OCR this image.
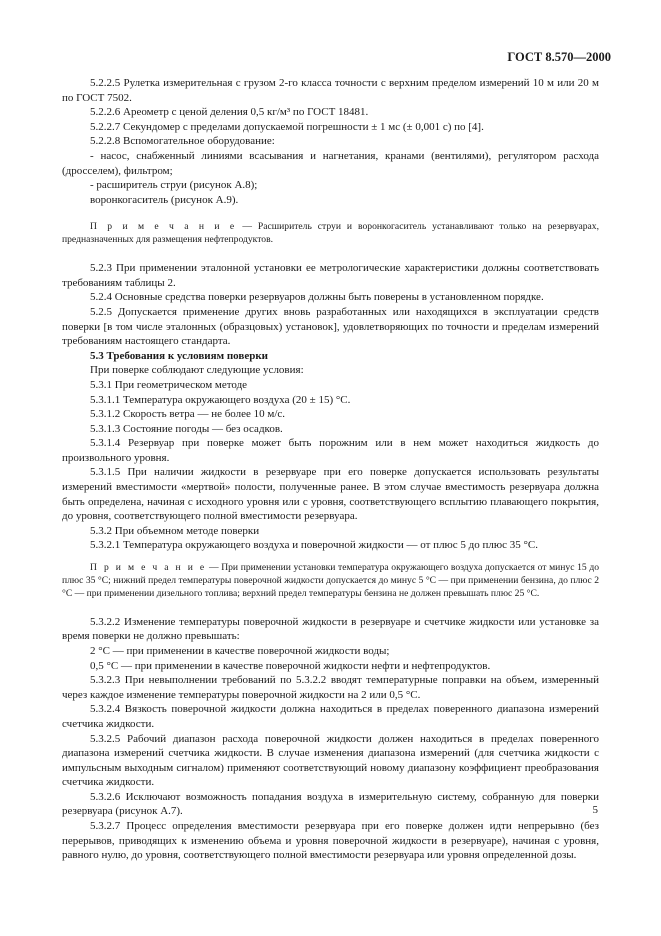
ГОСТ 8.570—2000

5.2.2.5 Рулетка измерительная с грузом 2-го класса точности с верхним пределом измерений 10 м или 20 м по ГОСТ 7502.

5.2.2.6 Ареометр с ценой деления 0,5 кг/м³ по ГОСТ 18481.

5.2.2.7 Секундомер с пределами допускаемой погрешности ± 1 мс (± 0,001 с) по [4].

5.2.2.8 Вспомогательное оборудование:

- насос, снабженный линиями всасывания и нагнетания, кранами (вентилями), регулятором расхода (дросселем), фильтром;

- расширитель струи (рисунок А.8);

воронкогаситель (рисунок А.9).

П р и м е ч а н и е — Расширитель струи и воронкогаситель устанавливают только на резервуарах, предназначенных для размещения нефтепродуктов.

5.2.3 При применении эталонной установки ее метрологические характеристики должны соответствовать требованиям таблицы 2.

5.2.4 Основные средства поверки резервуаров должны быть поверены в установленном порядке.

5.2.5 Допускается применение других вновь разработанных или находящихся в эксплуатации средств поверки [в том числе эталонных (образцовых) установок], удовлетворяющих по точности и пределам измерений требованиям настоящего стандарта.

5.3 Требования к условиям поверки

При поверке соблюдают следующие условия:

5.3.1 При геометрическом методе

5.3.1.1 Температура окружающего воздуха (20 ± 15) °С.

5.3.1.2 Скорость ветра — не более 10 м/с.

5.3.1.3 Состояние погоды — без осадков.

5.3.1.4 Резервуар при поверке может быть порожним или в нем может находиться жидкость до произвольного уровня.

5.3.1.5 При наличии жидкости в резервуаре при его поверке допускается использовать результаты измерений вместимости «мертвой» полости, полученные ранее. В этом случае вместимость резервуара должна быть определена, начиная с исходного уровня или с уровня, соответствующего всплытию плавающего покрытия, до уровня, соответствующего полной вместимости резервуара.

5.3.2 При объемном методе поверки

5.3.2.1 Температура окружающего воздуха и поверочной жидкости — от плюс 5 до плюс 35 °С.

П р и м е ч а н и е — При применении установки температура окружающего воздуха допускается от минус 15 до плюс 35 °С; нижний предел температуры поверочной жидкости допускается до минус 5 °С — при применении бензина, до плюс 2 °С — при применении дизельного топлива; верхний предел температуры бензина не должен превышать плюс 25 °С.

5.3.2.2 Изменение температуры поверочной жидкости в резервуаре и счетчике жидкости или установке за время поверки не должно превышать:

2 °С — при применении в качестве поверочной жидкости воды;

0,5 °С — при применении в качестве поверочной жидкости нефти и нефтепродуктов.

5.3.2.3 При невыполнении требований по 5.3.2.2 вводят температурные поправки на объем, измеренный через каждое изменение температуры поверочной жидкости на 2 или 0,5 °С.

5.3.2.4 Вязкость поверочной жидкости должна находиться в пределах поверенного диапазона измерений счетчика жидкости.

5.3.2.5 Рабочий диапазон расхода поверочной жидкости должен находиться в пределах поверенного диапазона измерений счетчика жидкости. В случае изменения диапазона измерений (для счетчика жидкости с импульсным выходным сигналом) применяют соответствующий новому диапазону коэффициент преобразования счетчика жидкости.

5.3.2.6 Исключают возможность попадания воздуха в измерительную систему, собранную для поверки резервуара (рисунок А.7).

5.3.2.7 Процесс определения вместимости резервуара при его поверке должен идти непрерывно (без перерывов, приводящих к изменению объема и уровня поверочной жидкости в резервуаре), начиная с уровня, равного нулю, до уровня, соответствующего полной вместимости резервуара или уровня определенной дозы.

5
